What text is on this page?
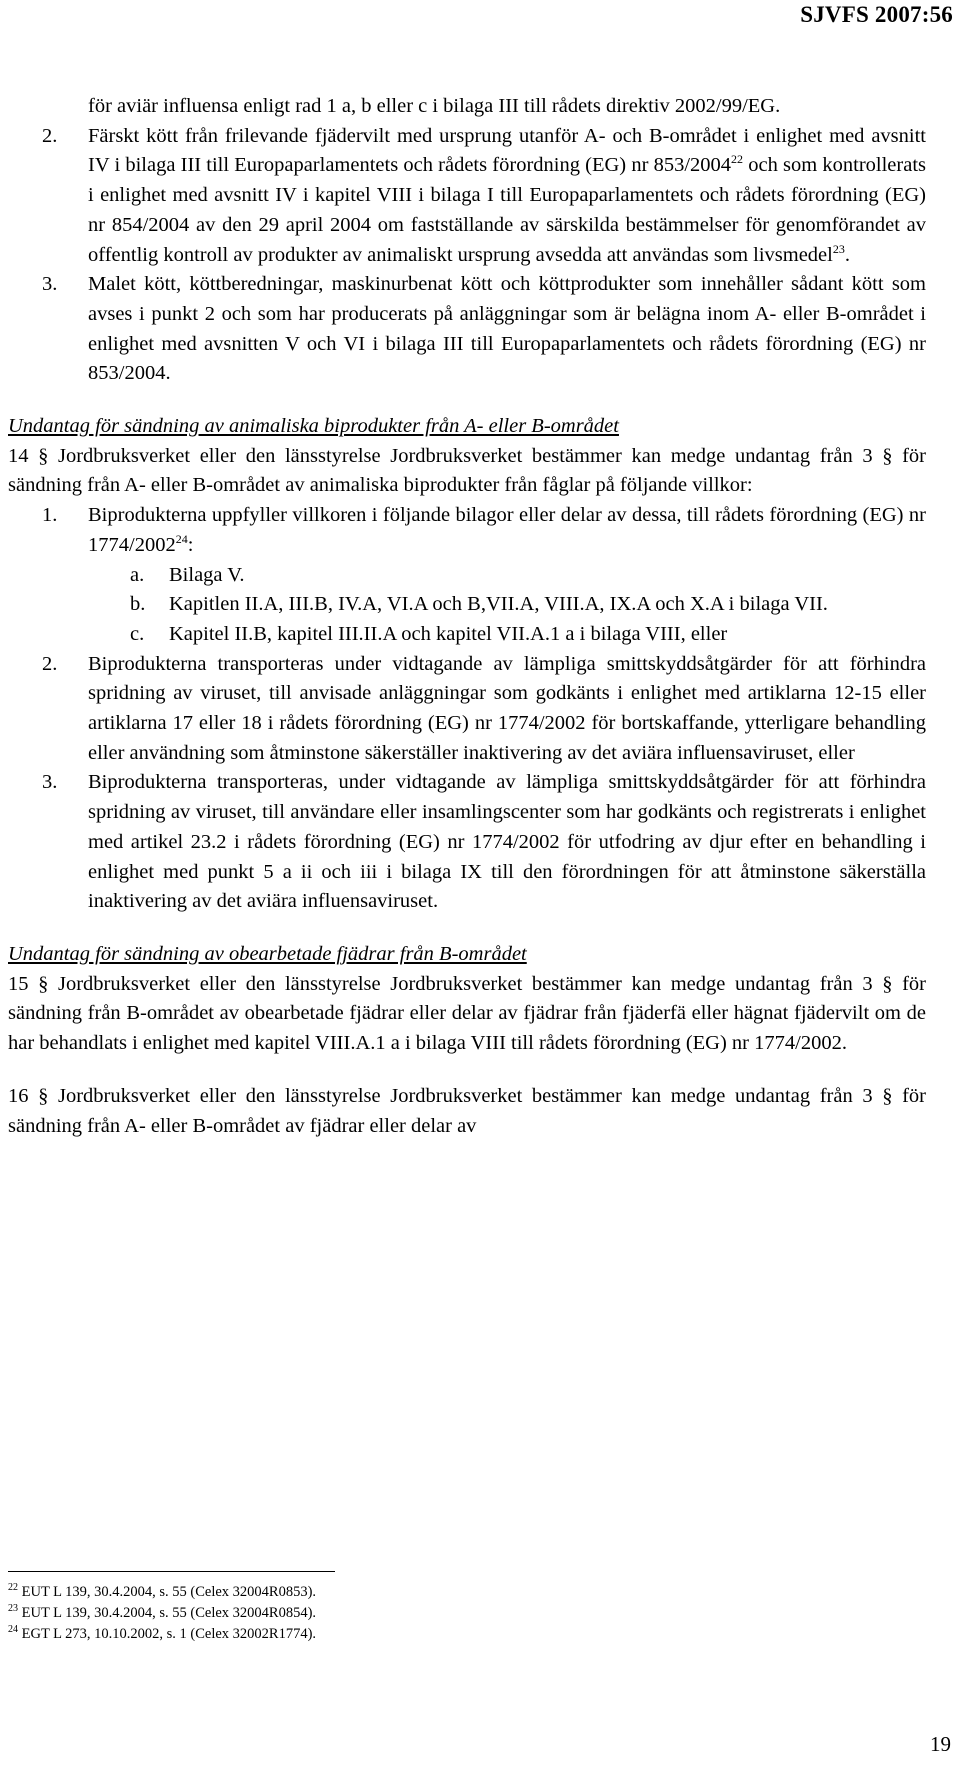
SJVFS 2007:56

för aviär influensa enligt rad 1 a, b eller c i bilaga III till rådets direktiv 2002/99/EG.

2. Färskt kött från frilevande fjädervilt med ursprung utanför A- och B-området i enlighet med avsnitt IV i bilaga III till Europaparlamentets och rådets förordning (EG) nr 853/2004$^{22}$ och som kontrollerats i enlighet med avsnitt IV i kapitel VIII i bilaga I till Europaparlamentets och rådets förordning (EG) nr 854/2004 av den 29 april 2004 om fastställande av särskilda bestämmelser för genomförandet av offentlig kontroll av produkter av animaliskt ursprung avsedda att användas som livsmedel$^{23}$.

3. Malet kött, köttberedningar, maskinurbenat kött och köttprodukter som innehåller sådant kött som avses i punkt 2 och som har producerats på anläggningar som är belägna inom A- eller B-området i enlighet med avsnitten V och VI i bilaga III till Europaparlamentets och rådets förordning (EG) nr 853/2004.

Undantag för sändning av animaliska biprodukter från A- eller B-området

14 § Jordbruksverket eller den länsstyrelse Jordbruksverket bestämmer kan medge undantag från 3 § för sändning från A- eller B-området av animaliska biprodukter från fåglar på följande villkor:

1. Biprodukterna uppfyller villkoren i följande bilagor eller delar av dessa, till rådets förordning (EG) nr 1774/2002$^{24}$:

a. Bilaga V.

b. Kapitlen II.A, III.B, IV.A, VI.A och B,VII.A, VIII.A, IX.A och X.A i bilaga VII.

c. Kapitel II.B, kapitel III.II.A och kapitel VII.A.1 a i bilaga VIII, eller

2. Biprodukterna transporteras under vidtagande av lämpliga smittskyddsåtgärder för att förhindra spridning av viruset, till anvisade anläggningar som godkänts i enlighet med artiklarna 12-15 eller artiklarna 17 eller 18 i rådets förordning (EG) nr 1774/2002 för bortskaffande, ytterligare behandling eller användning som åtminstone säkerställer inaktivering av det aviära influensaviruset, eller

3. Biprodukterna transporteras, under vidtagande av lämpliga smittskyddsåtgärder för att förhindra spridning av viruset, till användare eller insamlingscenter som har godkänts och registrerats i enlighet med artikel 23.2 i rådets förordning (EG) nr 1774/2002 för utfodring av djur efter en behandling i enlighet med punkt 5 a ii och iii i bilaga IX till den förordningen för att åtminstone säkerställa inaktivering av det aviära influensaviruset.

Undantag för sändning av obearbetade fjädrar från B-området

15 § Jordbruksverket eller den länsstyrelse Jordbruksverket bestämmer kan medge undantag från 3 § för sändning från B-området av obearbetade fjädrar eller delar av fjädrar från fjäderfä eller hägnat fjädervilt om de har behandlats i enlighet med kapitel VIII.A.1 a i bilaga VIII till rådets förordning (EG) nr 1774/2002.

16 § Jordbruksverket eller den länsstyrelse Jordbruksverket bestämmer kan medge undantag från 3 § för sändning från A- eller B-området av fjädrar eller delar av

$^{22}$ EUT L 139, 30.4.2004, s. 55 (Celex 32004R0853).
$^{23}$ EUT L 139, 30.4.2004, s. 55 (Celex 32004R0854).
$^{24}$ EGT L 273, 10.10.2002, s. 1 (Celex 32002R1774).
19
